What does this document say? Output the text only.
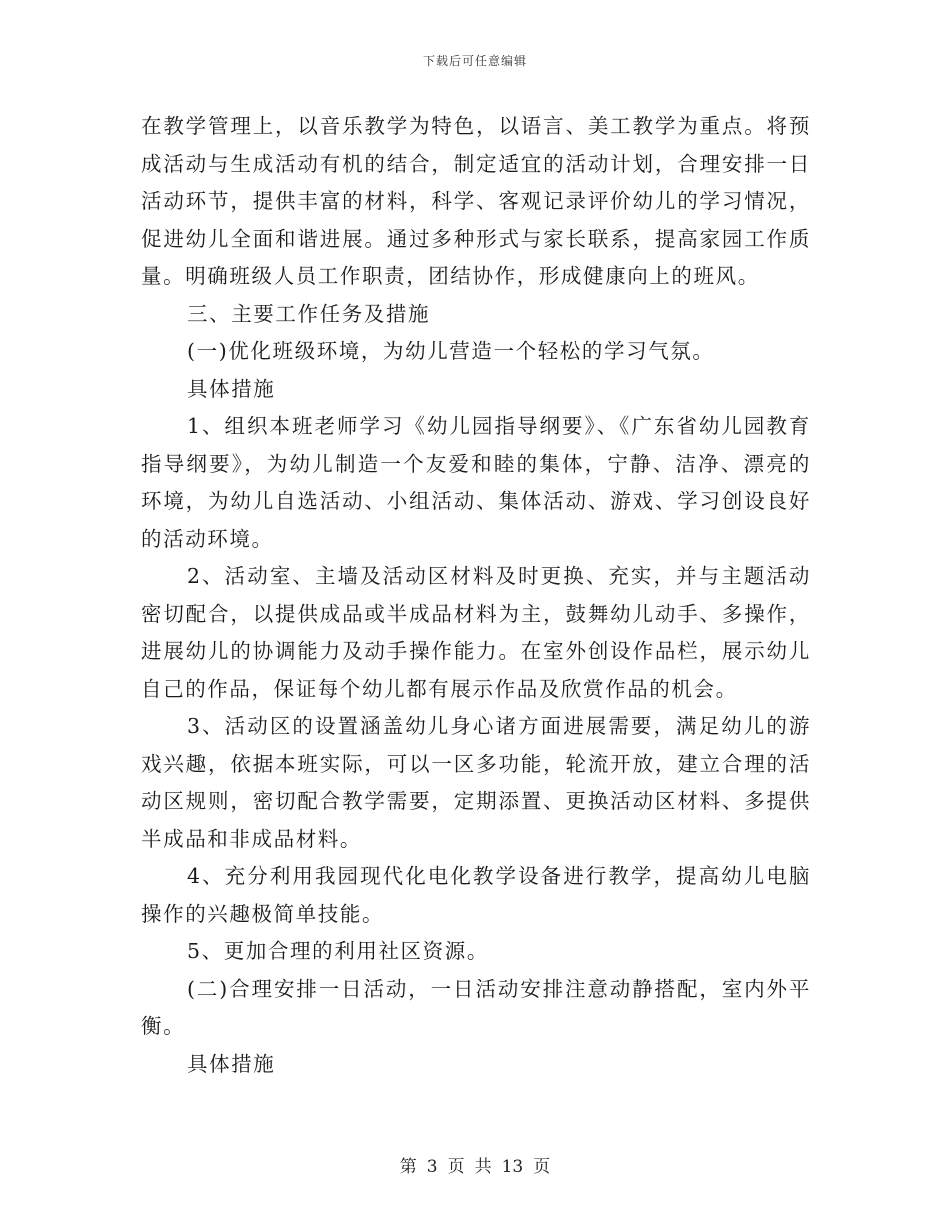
下载后可任意编辑

在教学管理上，以音乐教学为特色，以语言、美工教学为重点。将预成活动与生成活动有机的结合，制定适宜的活动计划，合理安排一日活动环节，提供丰富的材料，科学、客观记录评价幼儿的学习情况，促进幼儿全面和谐进展。通过多种形式与家长联系，提高家园工作质量。明确班级人员工作职责，团结协作，形成健康向上的班风。

三、主要工作任务及措施

(一)优化班级环境，为幼儿营造一个轻松的学习气氛。

具体措施

1、组织本班老师学习《幼儿园指导纲要》、《广东省幼儿园教育指导纲要》，为幼儿制造一个友爱和睦的集体，宁静、洁净、漂亮的环境，为幼儿自选活动、小组活动、集体活动、游戏、学习创设良好的活动环境。

2、活动室、主墙及活动区材料及时更换、充实，并与主题活动密切配合，以提供成品或半成品材料为主，鼓舞幼儿动手、多操作，进展幼儿的协调能力及动手操作能力。在室外创设作品栏，展示幼儿自己的作品，保证每个幼儿都有展示作品及欣赏作品的机会。

3、活动区的设置涵盖幼儿身心诸方面进展需要，满足幼儿的游戏兴趣，依据本班实际，可以一区多功能，轮流开放，建立合理的活动区规则，密切配合教学需要，定期添置、更换活动区材料、多提供半成品和非成品材料。

4、充分利用我园现代化电化教学设备进行教学，提高幼儿电脑操作的兴趣极简单技能。

5、更加合理的利用社区资源。

(二)合理安排一日活动，一日活动安排注意动静搭配，室内外平衡。

具体措施

第 3 页 共 13 页
